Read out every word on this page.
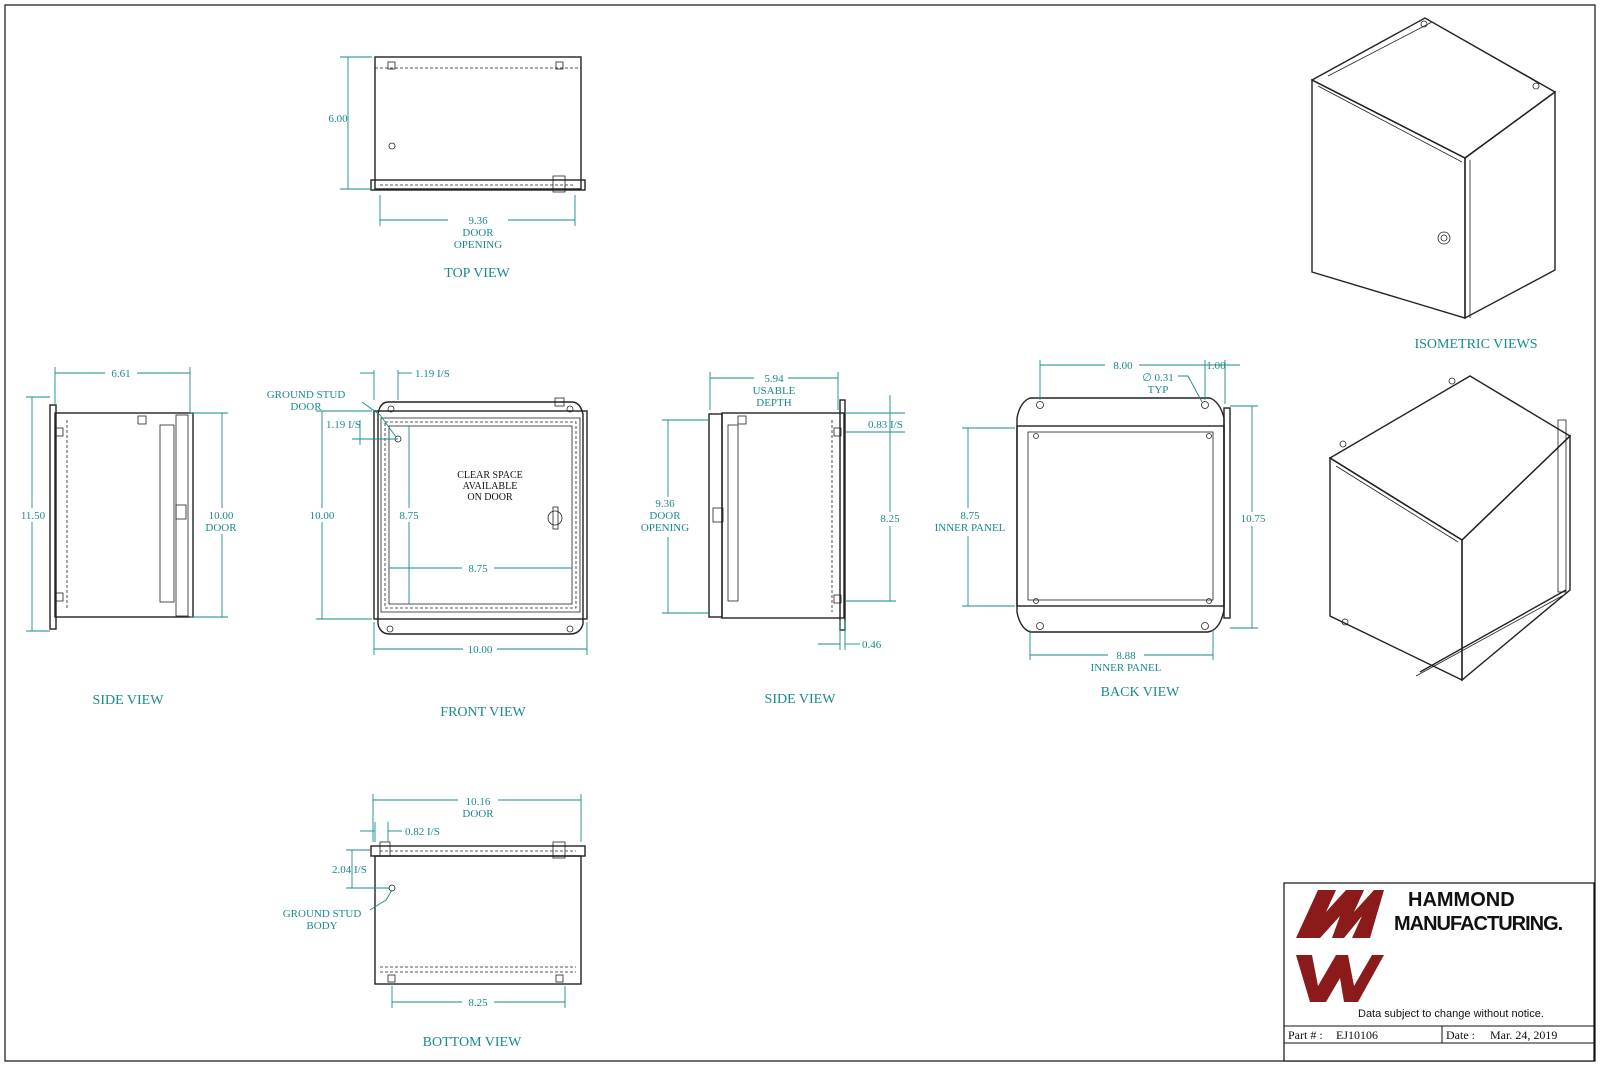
6.00
9.36
DOOR
OPENING
TOP VIEW
6.61
11.50	10.00
DOOR
SIDE VIEW
GROUND STUD
DOOR
1.19 I/S
1.19 I/S
10.00	8.75
8.75
10.00
CLEAR SPACE
AVAILABLE
ON DOOR
FRONT VIEW
5.94
USABLE
DEPTH
0.83 I/S
9.36
DOOR
OPENING
8.25
0.46
SIDE VIEW
8.00	1.00
∅ 0.31
TYP
8.75
INNER PANEL
10.75
8.88
INNER PANEL
BACK VIEW
10.16
DOOR
0.82 I/S
2.04 I/S
GROUND STUD
BODY
8.25
BOTTOM VIEW
ISOMETRIC VIEWS
HAMMOND
MANUFACTURING.
Data subject to change without notice.
Part # : EJ10106	Date : Mar. 24, 2019
